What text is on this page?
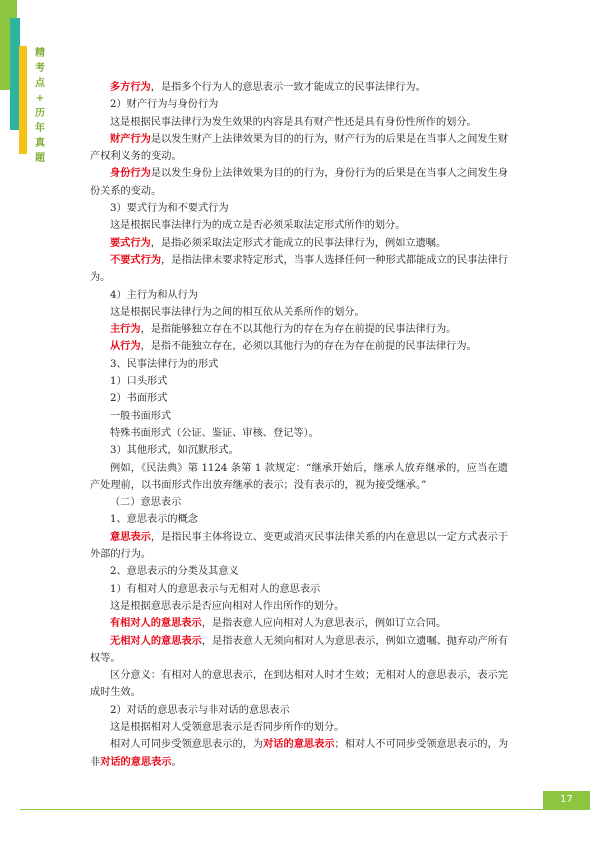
精
考
点
+
历
年
真
题

多方行为，是指多个行为人的意思表示一致才能成立的民事法律行为。

2）财产行为与身份行为

这是根据民事法律行为发生效果的内容是具有财产性还是具有身份性所作的划分。

财产行为是以发生财产上法律效果为目的的行为，财产行为的后果是在当事人之间发生财产权利义务的变动。

身份行为是以发生身份上法律效果为目的的行为，身份行为的后果是在当事人之间发生身份关系的变动。

3）要式行为和不要式行为

这是根据民事法律行为的成立是否必须采取法定形式所作的划分。

要式行为，是指必须采取法定形式才能成立的民事法律行为，例如立遗嘱。

不要式行为，是指法律未要求特定形式，当事人选择任何一种形式都能成立的民事法律行为。

4）主行为和从行为

这是根据民事法律行为之间的相互依从关系所作的划分。

主行为，是指能够独立存在不以其他行为的存在为存在前提的民事法律行为。

从行为，是指不能独立存在，必须以其他行为的存在为存在前提的民事法律行为。

3、民事法律行为的形式

1）口头形式

2）书面形式

一般书面形式

特殊书面形式（公证、鉴证、审核、登记等）。

3）其他形式，如沉默形式。

例如，《民法典》第 1124 条第 1 款规定：“继承开始后，继承人放弃继承的，应当在遗产处理前，以书面形式作出放弃继承的表示；没有表示的，视为接受继承。”

（二）意思表示

1、意思表示的概念

意思表示，是指民事主体将设立、变更或消灭民事法律关系的内在意思以一定方式表示于外部的行为。

2、意思表示的分类及其意义

1）有相对人的意思表示与无相对人的意思表示

这是根据意思表示是否应向相对人作出所作的划分。

有相对人的意思表示，是指表意人应向相对人为意思表示，例如订立合同。

无相对人的意思表示，是指表意人无须向相对人为意思表示，例如立遗嘱、抛弃动产所有权等。

区分意义：有相对人的意思表示，在到达相对人时才生效；无相对人的意思表示，表示完成时生效。

2）对话的意思表示与非对话的意思表示

这是根据相对人受领意思表示是否同步所作的划分。

相对人可同步受领意思表示的，为对话的意思表示；相对人不可同步受领意思表示的，为非对话的意思表示。

17
